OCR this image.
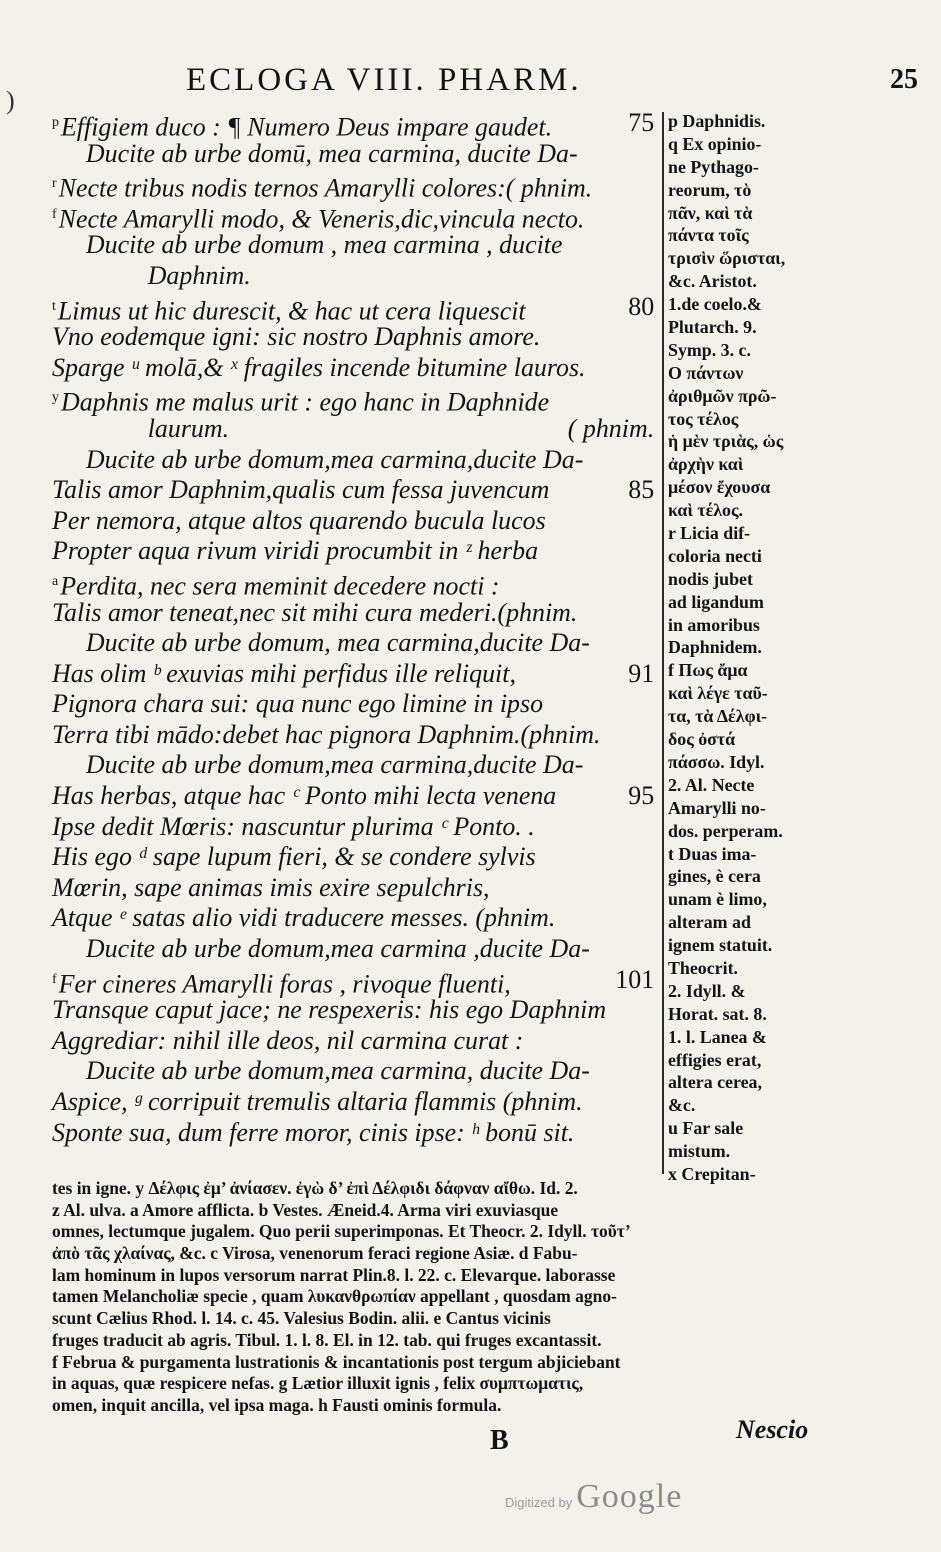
)
ECLOGA VIII. PHARM.	25
$^p$Effigiem duco : ¶ Numero Deus impare gaudet.	75
Ducite ab urbe domū, mea carmina, ducite Da-
$^r$Necte tribus nodis ternos Amarylli colores:( phnim.
$^f$Necte Amarylli modo, & Veneris,dic,vincula necto.
Ducite ab urbe domum , mea carmina , ducite
Daphnim.
$^t$Limus ut hic durescit, & hac ut cera liquescit	80
Vno eodemque igni: sic nostro Daphnis amore.
Sparge ᵘ molā,& ˣ fragiles incende bitumine lauros.
$^y$Daphnis me malus urit : ego hanc in Daphnide
laurum.	( phnim.
Ducite ab urbe domum,mea carmina,ducite Da-
Talis amor Daphnim,qualis cum fessa juvencum	85
Per nemora, atque altos quarendo bucula lucos
Propter aqua rivum viridi procumbit in ᶻ herba
$^a$Perdita, nec sera meminit decedere nocti :
Talis amor teneat,nec sit mihi cura mederi.(phnim.
Ducite ab urbe domum, mea carmina,ducite Da-
Has olim ᵇ exuvias mihi perfidus ille reliquit,	91
Pignora chara sui: qua nunc ego limine in ipso
Terra tibi mādo:debet hac pignora Daphnim.(phnim.
Ducite ab urbe domum,mea carmina,ducite Da-
Has herbas, atque hac ᶜ Ponto mihi lecta venena	95
Ipse dedit Mœris: nascuntur plurima ᶜ Ponto. .
His ego ᵈ sape lupum fieri, & se condere sylvis
Mœrin, sape animas imis exire sepulchris,
Atque ᵉ satas alio vidi traducere messes. (phnim.
Ducite ab urbe domum,mea carmina ,ducite Da-
$^f$Fer cineres Amarylli foras , rivoque fluenti,	101
Transque caput jace; ne respexeris: his ego Daphnim
Aggrediar: nihil ille deos, nil carmina curat :
Ducite ab urbe domum,mea carmina, ducite Da-
Aspice, ᵍ corripuit tremulis altaria flammis (phnim.
Sponte sua, dum ferre moror, cinis ipse: ʰ bonū sit.
p Daphnidis.
q Ex opinio-
ne Pythago-
reorum, τὸ
πᾶν, καὶ τὰ
πάντα τοῖς
τρισὶν ὥρισται,
&c. Aristot.
1.de coelo.&
Plutarch. 9.
Symp. 3. c.
Ο πάντων
ἀριθμῶν πρῶ-
τος τέλος
ἡ μὲν τριὰς, ὡς
ἀρχὴν καὶ
μέσον ἔχουσα
καὶ τέλος.
r Licia dif-
coloria necti
nodis jubet
ad ligandum
in amoribus
Daphnidem.
f Πως ἄμα
καὶ λέγε ταῦ-
τα, τὰ Δέλφι-
δος ὀστά
πάσσω. Idyl.
2. Al. Necte
Amarylli no-
dos. perperam.
t Duas ima-
gines, è cera
unam è limo,
alteram ad
ignem statuit.
Theocrit.
2. Idyll. &
Horat. sat. 8.
1. l. Lanea &
effigies erat,
altera cerea,
&c.
u Far sale
mistum.
x Crepitan-
tes in igne. y Δέλφις ἐμ’ ἀνίασεν. ἐγὼ δ’ ἐπὶ Δέλφιδι δάφναν αἴθω. Id. 2.
z Al. ulva. a Amore afflicta. b Vestes. Æneid.4. Arma viri exuviasque
omnes, lectumque jugalem. Quo perii superimponas. Et Theocr. 2. Idyll. τοῦτ’
ἀπὸ τᾶς χλαίνας, &c. c Virosa, venenorum feraci regione Asiæ. d Fabu-
lam hominum in lupos versorum narrat Plin.8. l. 22. c. Elevarque. laborasse
tamen Melancholiæ specie , quam λυκανθρωπίαν appellant , quosdam agno-
scunt Cælius Rhod. l. 14. c. 45. Valesius Bodin. alii. e Cantus vicinis
fruges traducit ab agris. Tibul. 1. l. 8. El. in 12. tab. qui fruges excantassit.
f Februa & purgamenta lustrationis & incantationis post tergum abjiciebant
in aquas, quæ respicere nefas. g Lætior illuxit ignis , felix συμπτωματις,
omen, inquit ancilla, vel ipsa maga. h Fausti ominis formula.
B	Nescio
Digitized by Google
